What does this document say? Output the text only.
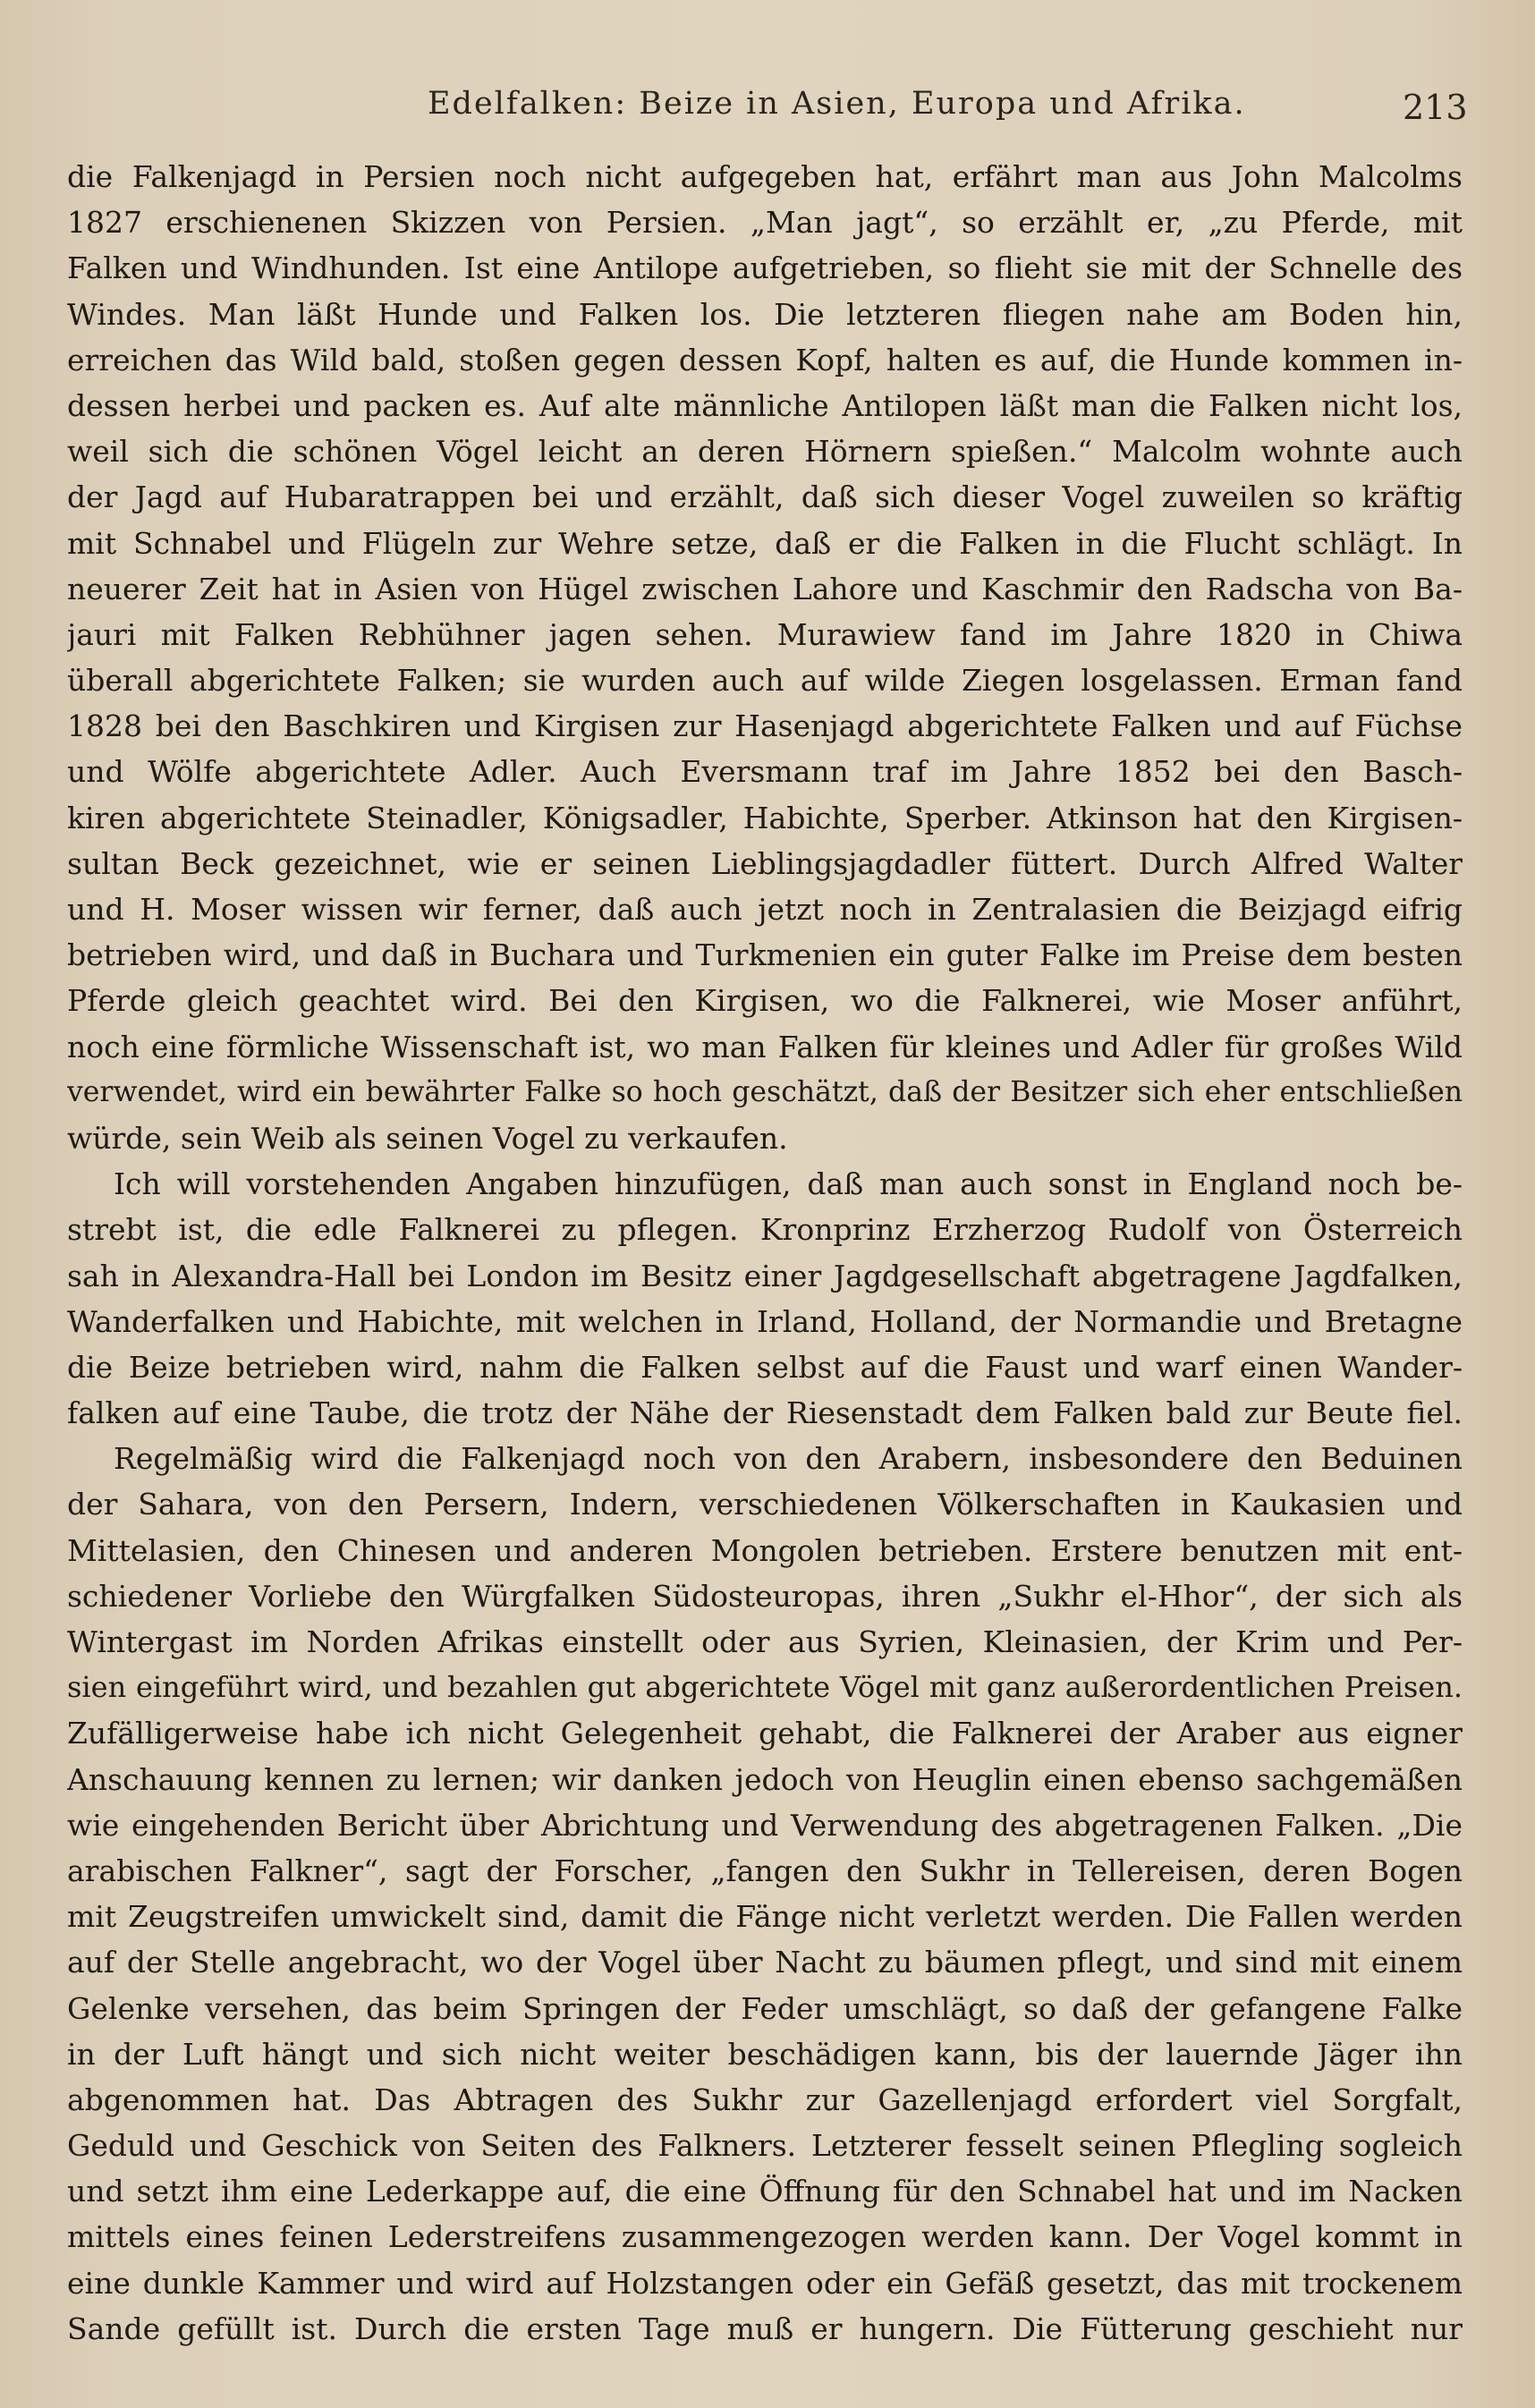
Edelfalken: Beize in Asien, Europa und Afrika.	213
die Falkenjagd in Persien noch nicht aufgegeben hat, erfährt man aus John Malcolms
1827 erschienenen Skizzen von Persien. „Man jagt“, so erzählt er, „zu Pferde, mit
Falken und Windhunden. Ist eine Antilope aufgetrieben, so flieht sie mit der Schnelle des
Windes. Man läßt Hunde und Falken los. Die letzteren fliegen nahe am Boden hin,
erreichen das Wild bald, stoßen gegen dessen Kopf, halten es auf, die Hunde kommen in-
dessen herbei und packen es. Auf alte männliche Antilopen läßt man die Falken nicht los,
weil sich die schönen Vögel leicht an deren Hörnern spießen.“ Malcolm wohnte auch
der Jagd auf Hubaratrappen bei und erzählt, daß sich dieser Vogel zuweilen so kräftig
mit Schnabel und Flügeln zur Wehre setze, daß er die Falken in die Flucht schlägt. In
neuerer Zeit hat in Asien von Hügel zwischen Lahore und Kaschmir den Radscha von Ba-
jauri mit Falken Rebhühner jagen sehen. Murawiew fand im Jahre 1820 in Chiwa
überall abgerichtete Falken; sie wurden auch auf wilde Ziegen losgelassen. Erman fand
1828 bei den Baschkiren und Kirgisen zur Hasenjagd abgerichtete Falken und auf Füchse
und Wölfe abgerichtete Adler. Auch Eversmann traf im Jahre 1852 bei den Basch-
kiren abgerichtete Steinadler, Königsadler, Habichte, Sperber. Atkinson hat den Kirgisen-
sultan Beck gezeichnet, wie er seinen Lieblingsjagdadler füttert. Durch Alfred Walter
und H. Moser wissen wir ferner, daß auch jetzt noch in Zentralasien die Beizjagd eifrig
betrieben wird, und daß in Buchara und Turkmenien ein guter Falke im Preise dem besten
Pferde gleich geachtet wird. Bei den Kirgisen, wo die Falknerei, wie Moser anführt,
noch eine förmliche Wissenschaft ist, wo man Falken für kleines und Adler für großes Wild
verwendet, wird ein bewährter Falke so hoch geschätzt, daß der Besitzer sich eher entschließen
würde, sein Weib als seinen Vogel zu verkaufen.
Ich will vorstehenden Angaben hinzufügen, daß man auch sonst in England noch be-
strebt ist, die edle Falknerei zu pflegen. Kronprinz Erzherzog Rudolf von Österreich
sah in Alexandra-Hall bei London im Besitz einer Jagdgesellschaft abgetragene Jagdfalken,
Wanderfalken und Habichte, mit welchen in Irland, Holland, der Normandie und Bretagne
die Beize betrieben wird, nahm die Falken selbst auf die Faust und warf einen Wander-
falken auf eine Taube, die trotz der Nähe der Riesenstadt dem Falken bald zur Beute fiel.
Regelmäßig wird die Falkenjagd noch von den Arabern, insbesondere den Beduinen
der Sahara, von den Persern, Indern, verschiedenen Völkerschaften in Kaukasien und
Mittelasien, den Chinesen und anderen Mongolen betrieben. Erstere benutzen mit ent-
schiedener Vorliebe den Würgfalken Südosteuropas, ihren „Sukhr el-Hhor“, der sich als
Wintergast im Norden Afrikas einstellt oder aus Syrien, Kleinasien, der Krim und Per-
sien eingeführt wird, und bezahlen gut abgerichtete Vögel mit ganz außerordentlichen Preisen.
Zufälligerweise habe ich nicht Gelegenheit gehabt, die Falknerei der Araber aus eigner
Anschauung kennen zu lernen; wir danken jedoch von Heuglin einen ebenso sachgemäßen
wie eingehenden Bericht über Abrichtung und Verwendung des abgetragenen Falken. „Die
arabischen Falkner“, sagt der Forscher, „fangen den Sukhr in Tellereisen, deren Bogen
mit Zeugstreifen umwickelt sind, damit die Fänge nicht verletzt werden. Die Fallen werden
auf der Stelle angebracht, wo der Vogel über Nacht zu bäumen pflegt, und sind mit einem
Gelenke versehen, das beim Springen der Feder umschlägt, so daß der gefangene Falke
in der Luft hängt und sich nicht weiter beschädigen kann, bis der lauernde Jäger ihn
abgenommen hat. Das Abtragen des Sukhr zur Gazellenjagd erfordert viel Sorgfalt,
Geduld und Geschick von Seiten des Falkners. Letzterer fesselt seinen Pflegling sogleich
und setzt ihm eine Lederkappe auf, die eine Öffnung für den Schnabel hat und im Nacken
mittels eines feinen Lederstreifens zusammengezogen werden kann. Der Vogel kommt in
eine dunkle Kammer und wird auf Holzstangen oder ein Gefäß gesetzt, das mit trockenem
Sande gefüllt ist. Durch die ersten Tage muß er hungern. Die Fütterung geschieht nur
